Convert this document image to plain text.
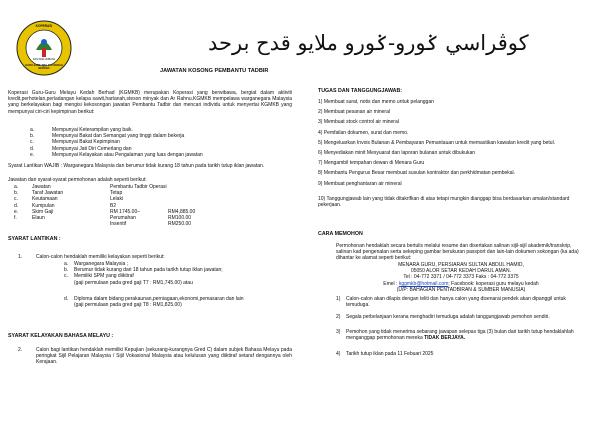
KOPERASI
GURU-GURU MELAYU KEDAH BERHAD
DAN PERLUMBAAN
كوڤراسي ݢورو-ݢورو ملايو قدح برحد
JAWATAN KOSONG PEMBANTU TADBIR
Koperasi Guru-Guru Melayu Kedah Berhad (KGMKB) merupakan Koperasi yang berwibawa, bergiat dalam aktiviti kredit,perhotelan,perladangan kelapa sawit,hartanah,steson minyak dan Ar Rahnu.KGMKB mempelawa warganegara Malaysia yang berkelayakan bagi mengisi kekosongan jawatan Pembantu Tadbir dan mencari individu untuk menyertai KGMKB yang mempunyai ciri-ciri kepimpinan berikut:
a.	Mempunyai Keterampilan yang baik.
b.	Mempunyai Bakat dan Semangat yang tinggi dalam bekerja
c.	Mempunyai Bakat Kepimpinan
d.	Mempunyai Jati Diri Cemerlang dan
e.	Mempunyai Kelayakan atau Pengalaman yang luas dengan jawatan
Syarat Lantikan WAJIB : Warganegara Malaysia dan berumur tidak kurang 18 tahun pada tarikh tutup iklan jawatan.
Jawatan dan syarat-syarat permohonan adalah seperti berikut:
a.	Jawatan	Pembantu Tadbir Operasi
b.	Taraf Jawatan	Tetap
c.	Keutamaan	Lelaki
d.	Kumpulan	B2
e.	Skim Gaji	RM 1745.00–	RM4,885.00
f.	Elaun	Perumahan	RM100.00
Insentif	RM250.00
SYARAT LANTIKAN :
1.	Calon-calon hendaklah memiliki kelayakan seperti berikut:
a.	Warganegara Malaysia ;
b.	Berumur tidak kurang dari 18 tahun pada tarikh tutup iklan jawatan;
c.	Memiliki SPM yang diiktiraf
(gaji permulaan pada gred gaji T7 : RM1,745.00) atau
d.	Diploma dalam bidang perakaunan,perniagaan,ekonomi,pemasaran dan lain
(gaji permulaan pada gred gaji T8 : RM1,825.00)
SYARAT KELAYAKAN BAHASA MELAYU :
2.	Calon bagi lantikan hendaklah memiliki Kepujian (sekurang-kurangnya Gred C) dalam subjek Bahasa Melayu pada peringkat Sijil Pelajaran Malaysia / Sijil Vokasional Malaysia atau kelulusan yang diiktiraf setaraf dengannya oleh Kerajaan.
TUGAS DAN TANGGUNGJAWAB:
1) Membuat surat, notis dan memo untuk pelanggan
2) Membuat pesanan air mineral
3) Membuat stock control air mineral
4) Pemfailan dokumen, surat dan memo.
5) Mengeluarkan Invois Bulanan & Pembayaran Pemantauan untuk memastikan kawalan kredit yang betul.
6) Menyediakan minit Mesyuarat dan laporan bulanan untuk dibukukan
7) Mengambil tempahan dewan di Menara Guru
8) Membantu Pengurus Besar membuat susulan kontraktor dan perkhidmatan pembekal.
9) Membuat penghantaran air mineral
10) Tanggungjawab lain yang tidak ditakrifkan di atas tetapi mungkin dianggap bisa berdasarkan amalan/standard pekerjaan.
CARA MEMOHON
Permohonan hendaklah secara bertulis melalui resume dan disertakan salinan sijil-sijil akademik/transkrip, salinan kad pengenalan serta sekeping gambar berukuran passport dan lain-lain dokumen sokongan (ka ada) dihantar ke alamat seperti berikut:
MENARA GURU, PERSIARAN SULTAN ABDUL HAMID,
05050 ALOR SETAR KEDAH DARUL AMAN.
Tel : 04-772 3371 / 04-772 3373 Faks : 04-772 3375
Emel : kggmkb@hotmail.com; Facebook: koperasi guru melayu kedah
(U/P: BAHAGIAN PENTADBIRAN & SUMBER MANUSIA)
1)	Calon-calon akan dilapis dengan teliti dan hanya calon yang disenarai pendek akan dipanggil untuk temuduga.
2)	Segala perbelanjaan kerana menghadiri temuduga adalah tanggungjawab pemohon sendiri.
3)	Pemohon yang tidak menerima sebarang jawapan selepas tiga (3) bulan dari tarikh tutup hendaklahlah menganggap permohonan mereka TIDAK BERJAYA.
4)	Tarikh tutup iklan pada 11 Febuari 2025
